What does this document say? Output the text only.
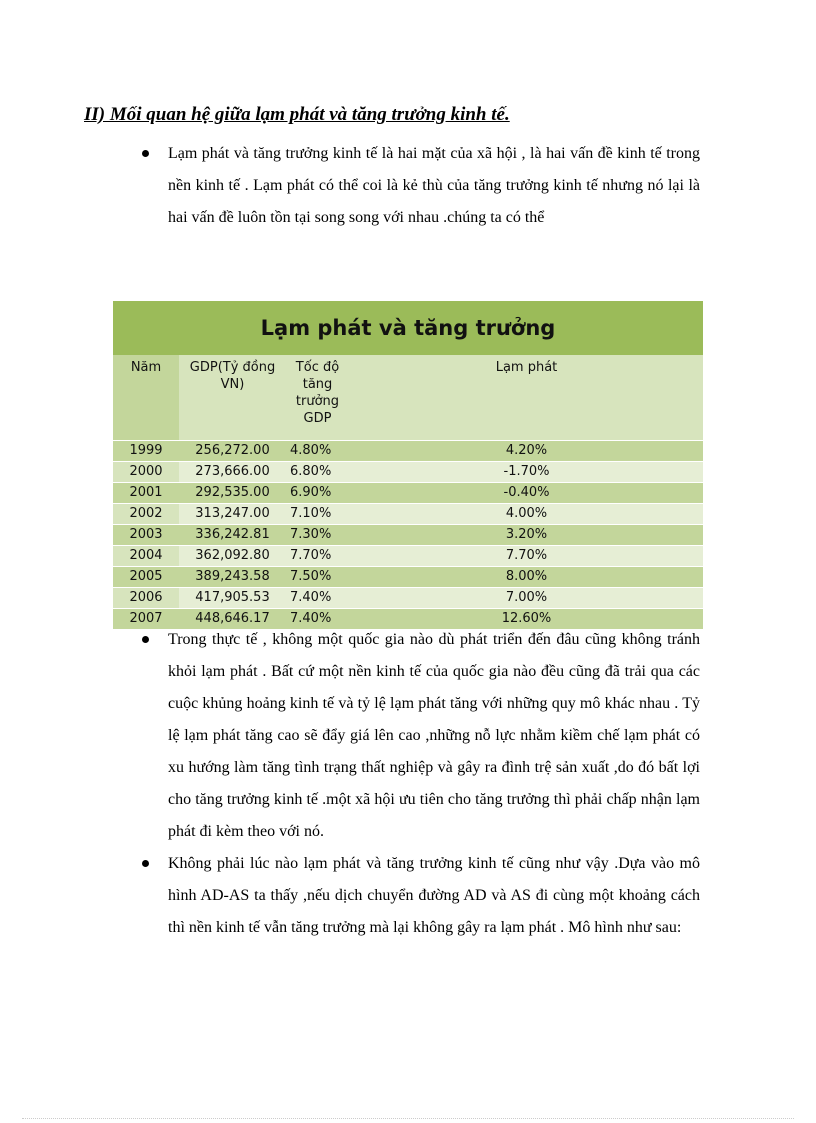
II) Mối quan hệ giữa lạm phát và tăng trưởng kinh tế.
Lạm phát và tăng trưởng kinh tế là hai mặt của xã hội , là hai vấn đề kinh tế trong nền kinh tế . Lạm phát có thể coi là kẻ thù của tăng trưởng kinh tế nhưng nó lại là hai vấn đề luôn tồn tại song song với nhau .chúng ta có thể
Lạm phát và tăng trưởng
Năm	GDP(Tỷ đồng VN)	Tốc độ tăng trưởng GDP	Lạm phát
1999	256,272.00	4.80%	4.20%
2000	273,666.00	6.80%	-1.70%
2001	292,535.00	6.90%	-0.40%
2002	313,247.00	7.10%	4.00%
2003	336,242.81	7.30%	3.20%
2004	362,092.80	7.70%	7.70%
2005	389,243.58	7.50%	8.00%
2006	417,905.53	7.40%	7.00%
2007	448,646.17	7.40%	12.60%
Trong thực tế , không một quốc gia nào dù phát triển đến đâu cũng không tránh khỏi lạm phát . Bất cứ một nền kinh tế của quốc gia nào đều cũng đã trải qua các cuộc khủng hoảng kinh tế và tỷ lệ lạm phát tăng với những quy mô khác nhau . Tỷ lệ lạm phát tăng cao sẽ đẩy giá lên cao ,những nỗ lực nhằm kiềm chế lạm phát có xu hướng làm tăng tình trạng thất nghiệp và gây ra đình trệ sản xuất ,do đó bất lợi cho tăng trưởng kinh tế .một xã hội ưu tiên cho tăng trưởng thì phải chấp nhận lạm phát đi kèm theo với nó.
Không phải lúc nào lạm phát và tăng trưởng kinh tế cũng như vậy .Dựa vào mô hình AD-AS ta thấy ,nếu dịch chuyển đường AD và AS đi cùng một khoảng cách thì nền kinh tế vẫn tăng trưởng mà lại không gây ra lạm phát . Mô hình như sau:
